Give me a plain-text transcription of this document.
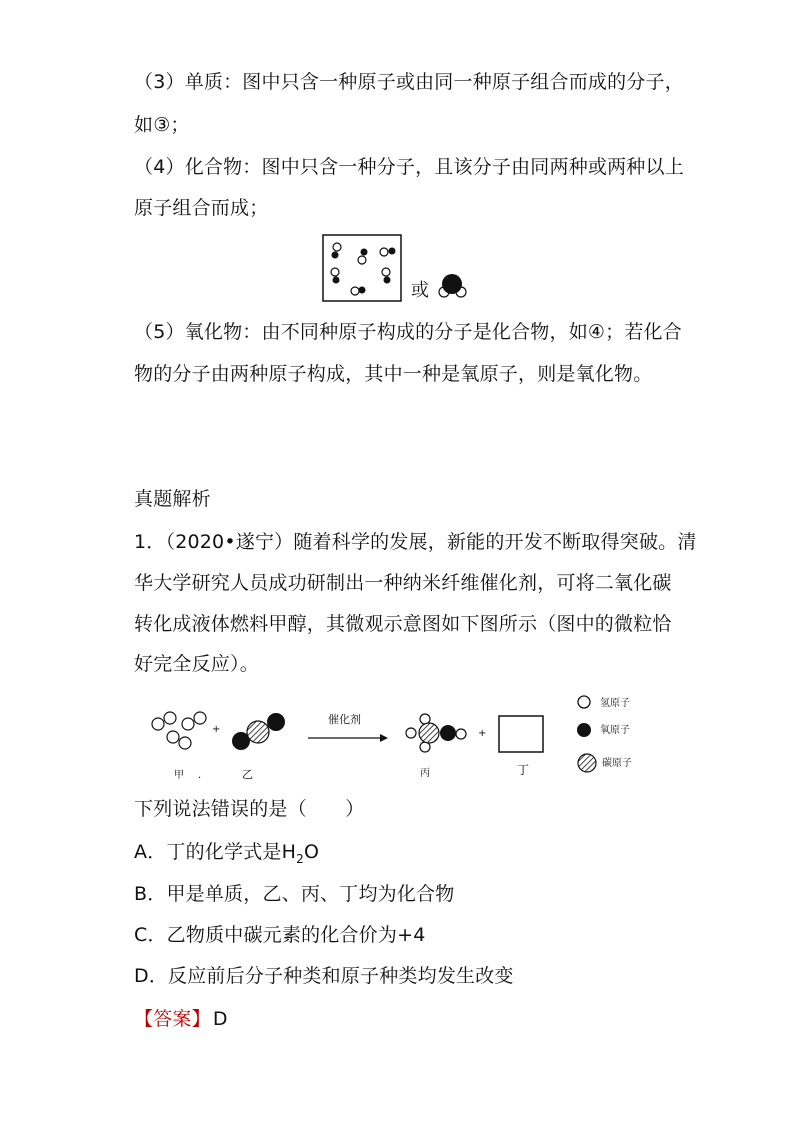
（3）单质：图中只含一种原子或由同一种原子组合而成的分子，
如③；
（4）化合物：图中只含一种分子，且该分子由同两种或两种以上
原子组合而成；
或
（5）氧化物：由不同种原子构成的分子是化合物，如④；若化合
物的分子由两种原子构成，其中一种是氧原子，则是氧化物。
真题解析
1．（2020•遂宁）随着科学的发展，新能的开发不断取得突破。清
华大学研究人员成功研制出一种纳米纤维催化剂，可将二氧化碳
转化成液体燃料甲醇，其微观示意图如下图所示（图中的微粒恰
好完全反应）。
+
催化剂
+
甲 .	乙	丙	丁
氢原子
氧原子
碳原子
下列说法错误的是（　　）
A．丁的化学式是$H_2O$
B．甲是单质，乙、丙、丁均为化合物
C．乙物质中碳元素的化合价为+4
D．反应前后分子种类和原子种类均发生改变
【答案】 D
